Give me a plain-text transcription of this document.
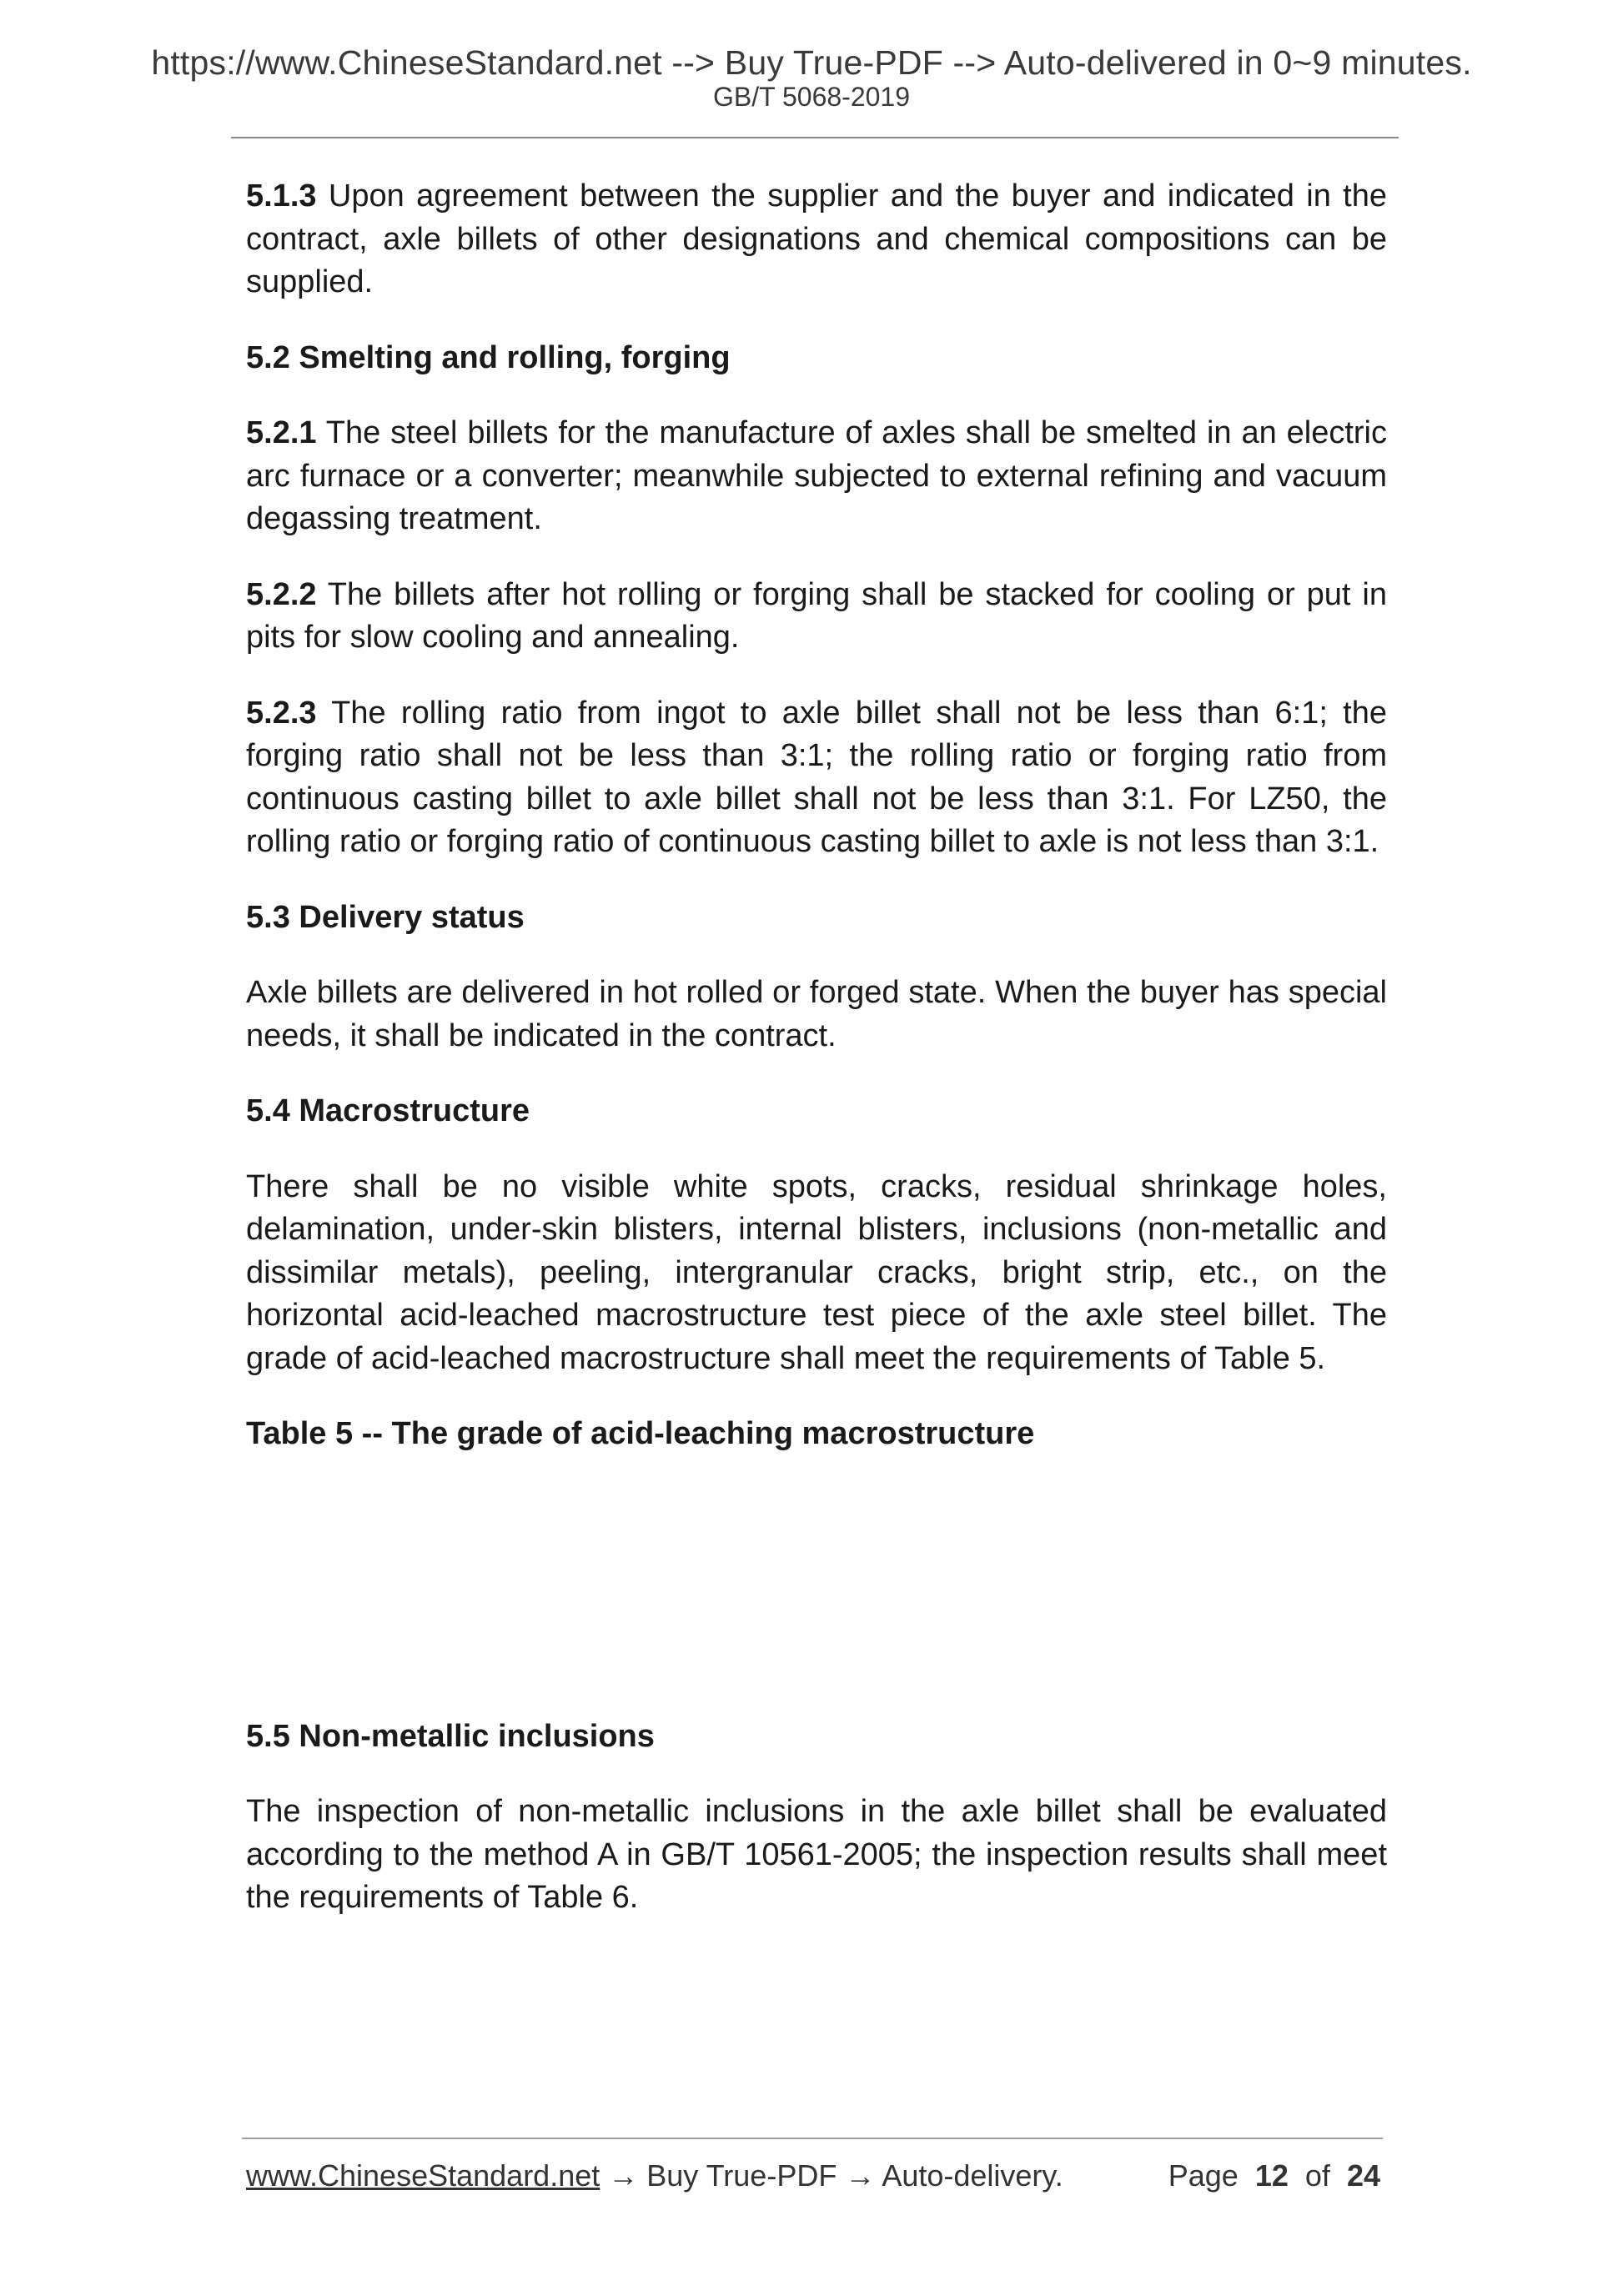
https://www.ChineseStandard.net --> Buy True-PDF --> Auto-delivered in 0~9 minutes.
GB/T 5068-2019

5.1.3 Upon agreement between the supplier and the buyer and indicated in the contract, axle billets of other designations and chemical compositions can be supplied.

5.2 Smelting and rolling, forging

5.2.1 The steel billets for the manufacture of axles shall be smelted in an electric arc furnace or a converter; meanwhile subjected to external refining and vacuum degassing treatment.

5.2.2 The billets after hot rolling or forging shall be stacked for cooling or put in pits for slow cooling and annealing.

5.2.3 The rolling ratio from ingot to axle billet shall not be less than 6:1; the forging ratio shall not be less than 3:1; the rolling ratio or forging ratio from continuous casting billet to axle billet shall not be less than 3:1. For LZ50, the rolling ratio or forging ratio of continuous casting billet to axle is not less than 3:1.

5.3 Delivery status

Axle billets are delivered in hot rolled or forged state. When the buyer has special needs, it shall be indicated in the contract.

5.4 Macrostructure

There shall be no visible white spots, cracks, residual shrinkage holes, delamination, under-skin blisters, internal blisters, inclusions (non-metallic and dissimilar metals), peeling, intergranular cracks, bright strip, etc., on the horizontal acid-leached macrostructure test piece of the axle steel billet. The grade of acid-leached macrostructure shall meet the requirements of Table 5.

Table 5 -- The grade of acid-leaching macrostructure

5.5 Non-metallic inclusions

The inspection of non-metallic inclusions in the axle billet shall be evaluated according to the method A in GB/T 10561-2005; the inspection results shall meet the requirements of Table 6.

www.ChineseStandard.net → Buy True-PDF → Auto-delivery.	Page 12 of 24
